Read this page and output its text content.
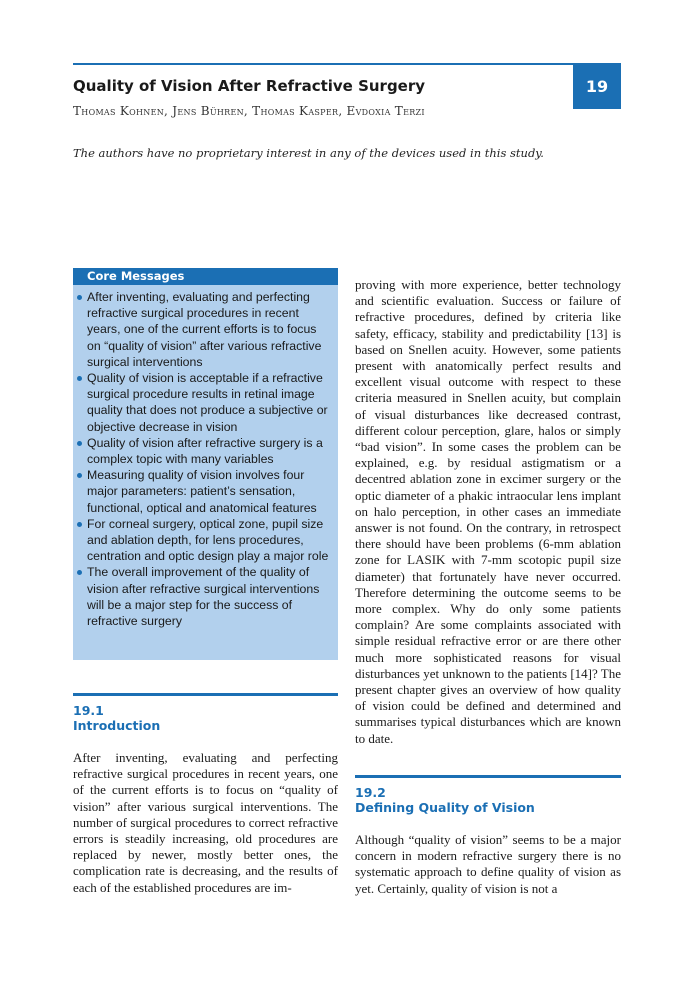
19
Quality of Vision After Refractive Surgery
Thomas Kohnen, Jens Bühren, Thomas Kasper, Evdoxia Terzi
The authors have no proprietary interest in any of the devices used in this study.
Core Messages
After inventing, evaluating and perfecting refractive surgical procedures in recent years, one of the current efforts is to focus on “quality of vision” after various refractive surgical interventions
Quality of vision is acceptable if a refractive surgical procedure results in retinal image quality that does not produce a subjective or objective decrease in vision
Quality of vision after refractive surgery is a complex topic with many variables
Measuring quality of vision involves four major parameters: patient’s sensation, functional, optical and anatomical features
For corneal surgery, optical zone, pupil size and ablation depth, for lens procedures, centration and optic design play a major role
The overall improvement of the quality of vision after refractive surgical interventions will be a major step for the success of refractive surgery
19.1
Introduction

After inventing, evaluating and perfecting refractive surgical procedures in recent years, one of the current efforts is to focus on “quality of vision” after various surgical interventions. The number of surgical procedures to correct refractive errors is steadily increasing, old procedures are replaced by newer, mostly better ones, the complication rate is decreasing, and the results of each of the established procedures are im-

proving with more experience, better technology and scientific evaluation. Success or failure of refractive procedures, defined by criteria like safety, efficacy, stability and predictability [13] is based on Snellen acuity. However, some patients present with anatomically perfect results and excellent visual outcome with respect to these criteria measured in Snellen acuity, but complain of visual disturbances like decreased contrast, different colour perception, glare, halos or simply “bad vision”. In some cases the problem can be explained, e.g. by residual astigmatism or a decentred ablation zone in excimer surgery or the optic diameter of a phakic intraocular lens implant on halo perception, in other cases an immediate answer is not found. On the contrary, in retrospect there should have been problems (6-mm ablation zone for LASIK with 7-mm scotopic pupil size diameter) that fortunately have never occurred. Therefore determining the outcome seems to be more complex. Why do only some patients complain? Are some complaints associated with simple residual refractive error or are there other much more sophisticated reasons for visual disturbances yet unknown to the patients [14]? The present chapter gives an overview of how quality of vision could be defined and determined and summarises typical disturbances which are known to date.

19.2
Defining Quality of Vision

Although “quality of vision” seems to be a major concern in modern refractive surgery there is no systematic approach to define quality of vision as yet. Certainly, quality of vision is not a
